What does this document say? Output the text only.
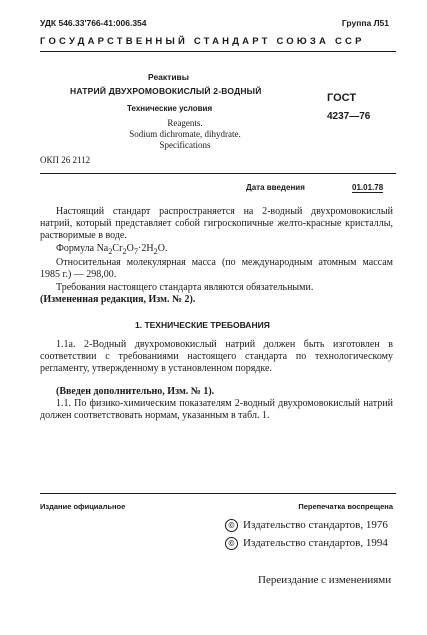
УДК 546.33'766-41:006.354	Группа Л51
ГОСУДАРСТВЕННЫЙ СТАНДАРТ СОЮЗА ССР
Реактивы
НАТРИЙ ДВУХРОМОВОКИСЛЫЙ 2-ВОДНЫЙ
Технические условия
Reagents.
Sodium dichromate, dihydrate.
Specifications
ГОСТ
4237—76
ОКП 26 2112
Дата введения	01.01.78
Настоящий стандарт распространяется на 2-водный двухромовокислый натрий, который представляет собой гигроскопичные желто-красные кристаллы, растворимые в воде.
Формула $Na_2Cr_2O_7\cdot 2H_2O$.
Относительная молекулярная масса (по международным атомным массам 1985 г.) — 298,00.
Требования настоящего стандарта являются обязательными.
(Измененная редакция, Изм. № 2).
1. ТЕХНИЧЕСКИЕ ТРЕБОВАНИЯ
1.1а. 2-Водный двухромовокислый натрий должен быть изготовлен в соответствии с требованиями настоящего стандарта по технологическому регламенту, утвержденному в установленном порядке.
(Введен дополнительно, Изм. № 1).
1.1. По физико-химическим показателям 2-водный двухромовокислый натрий должен соответствовать нормам, указанным в табл. 1.
Издание официальное	Перепечатка воспрещена
© Издательство стандартов, 1976
© Издательство стандартов, 1994
Переиздание с изменениями
